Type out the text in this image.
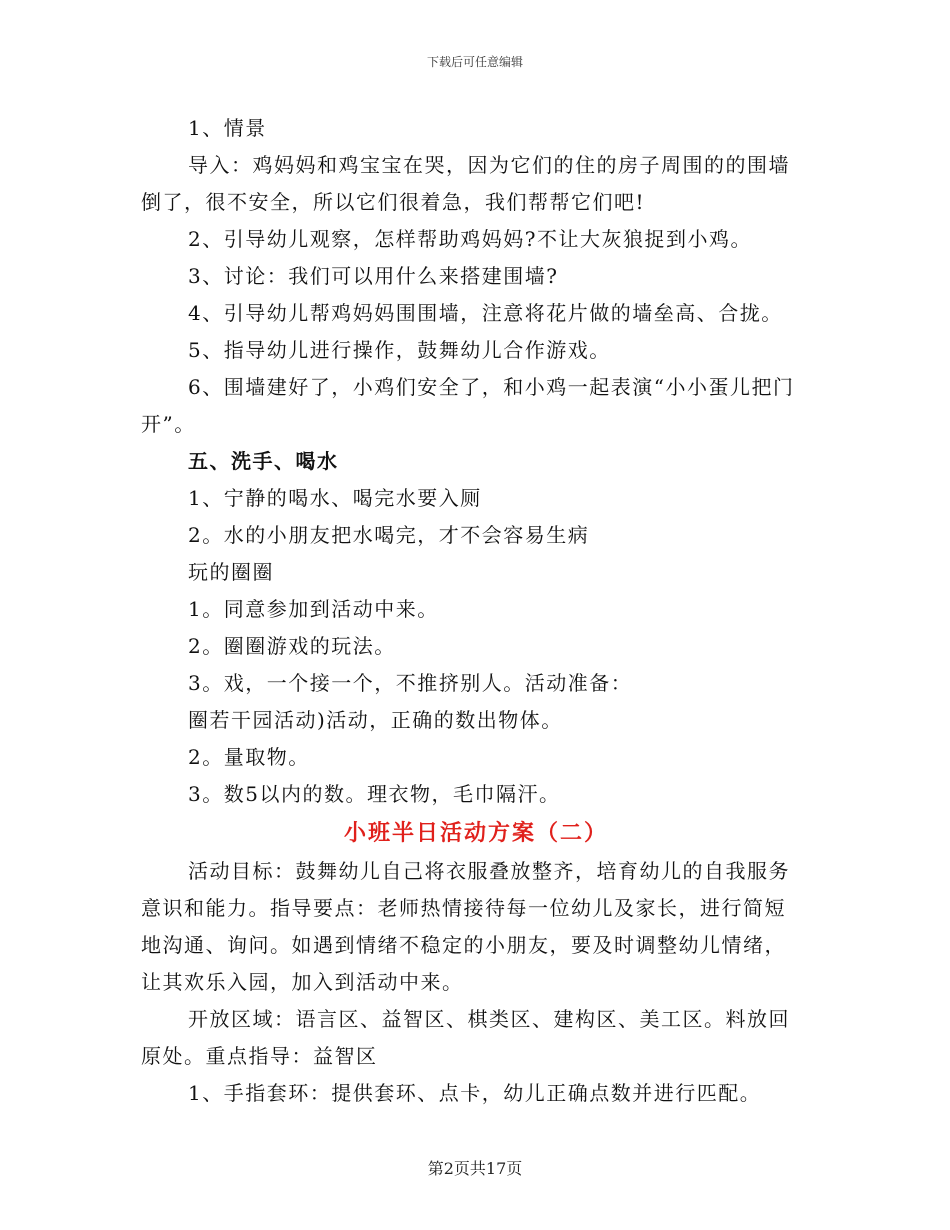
下载后可任意编辑

1、情景

导入：鸡妈妈和鸡宝宝在哭，因为它们的住的房子周围的的围墙

倒了，很不安全，所以它们很着急，我们帮帮它们吧!

2、引导幼儿观察，怎样帮助鸡妈妈?不让大灰狼捉到小鸡。

3、讨论：我们可以用什么来搭建围墙?

4、引导幼儿帮鸡妈妈围围墙，注意将花片做的墙垒高、合拢。

5、指导幼儿进行操作，鼓舞幼儿合作游戏。

6、围墙建好了，小鸡们安全了，和小鸡一起表演“小小蛋儿把门

开”。

五、洗手、喝水

1、宁静的喝水、喝完水要入厕

2。水的小朋友把水喝完，才不会容易生病

玩的圈圈

1。同意参加到活动中来。

2。圈圈游戏的玩法。

3。戏，一个接一个，不推挤别人。活动准备：

圈若干园活动)活动，正确的数出物体。

2。量取物。

3。数5以内的数。理衣物，毛巾隔汗。

小班半日活动方案（二）

活动目标：鼓舞幼儿自己将衣服叠放整齐，培育幼儿的自我服务

意识和能力。指导要点：老师热情接待每一位幼儿及家长，进行简短

地沟通、询问。如遇到情绪不稳定的小朋友，要及时调整幼儿情绪，

让其欢乐入园，加入到活动中来。

开放区域：语言区、益智区、棋类区、建构区、美工区。料放回

原处。重点指导：益智区

1、手指套环：提供套环、点卡，幼儿正确点数并进行匹配。

第2页共17页
